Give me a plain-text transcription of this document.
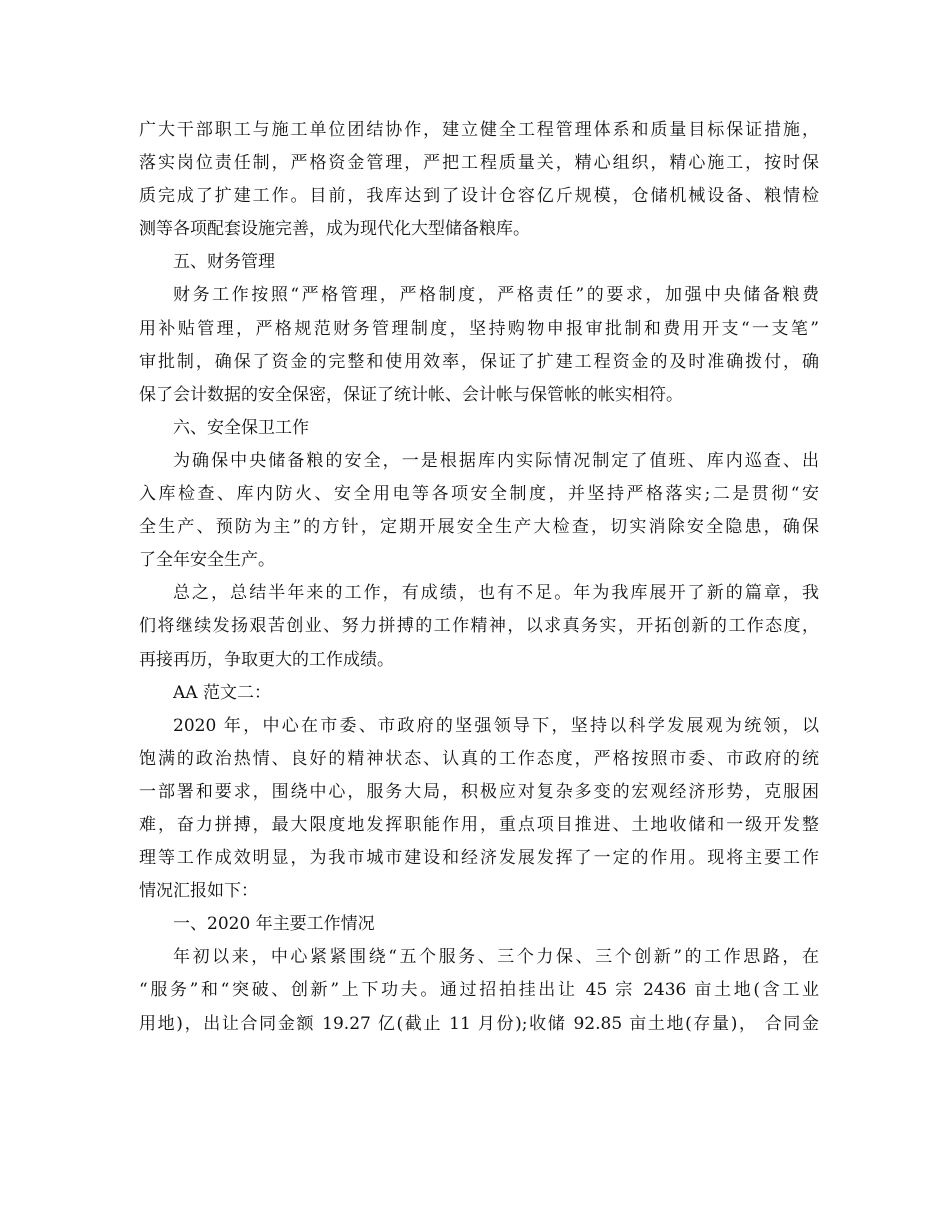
广大干部职工与施工单位团结协作，建立健全工程管理体系和质量目标保证措施，
落实岗位责任制，严格资金管理，严把工程质量关，精心组织，精心施工，按时保
质完成了扩建工作。目前，我库达到了设计仓容亿斤规模，仓储机械设备、粮情检
测等各项配套设施完善，成为现代化大型储备粮库。
五、财务管理
财务工作按照“严格管理，严格制度，严格责任”的要求，加强中央储备粮费
用补贴管理，严格规范财务管理制度，坚持购物申报审批制和费用开支“一支笔”
审批制，确保了资金的完整和使用效率，保证了扩建工程资金的及时准确拨付，确
保了会计数据的安全保密，保证了统计帐、会计帐与保管帐的帐实相符。
六、安全保卫工作
为确保中央储备粮的安全，一是根据库内实际情况制定了值班、库内巡查、出
入库检查、库内防火、安全用电等各项安全制度，并坚持严格落实;二是贯彻“安
全生产、预防为主”的方针，定期开展安全生产大检查，切实消除安全隐患，确保
了全年安全生产。
总之，总结半年来的工作，有成绩，也有不足。年为我库展开了新的篇章，我
们将继续发扬艰苦创业、努力拼搏的工作精神，以求真务实，开拓创新的工作态度，
再接再历，争取更大的工作成绩。
AA 范文二：
2020 年，中心在市委、市政府的坚强领导下，坚持以科学发展观为统领，以
饱满的政治热情、良好的精神状态、认真的工作态度，严格按照市委、市政府的统
一部署和要求，围绕中心，服务大局，积极应对复杂多变的宏观经济形势，克服困
难，奋力拼搏，最大限度地发挥职能作用，重点项目推进、土地收储和一级开发整
理等工作成效明显，为我市城市建设和经济发展发挥了一定的作用。现将主要工作
情况汇报如下：
一、2020 年主要工作情况
年初以来，中心紧紧围绕“五个服务、三个力保、三个创新”的工作思路，在
“服务”和“突破、创新”上下功夫。通过招拍挂出让 45 宗 2436 亩土地(含工业
用地)，出让合同金额 19.27 亿(截止 11 月份);收储 92.85 亩土地(存量)， 合同金
